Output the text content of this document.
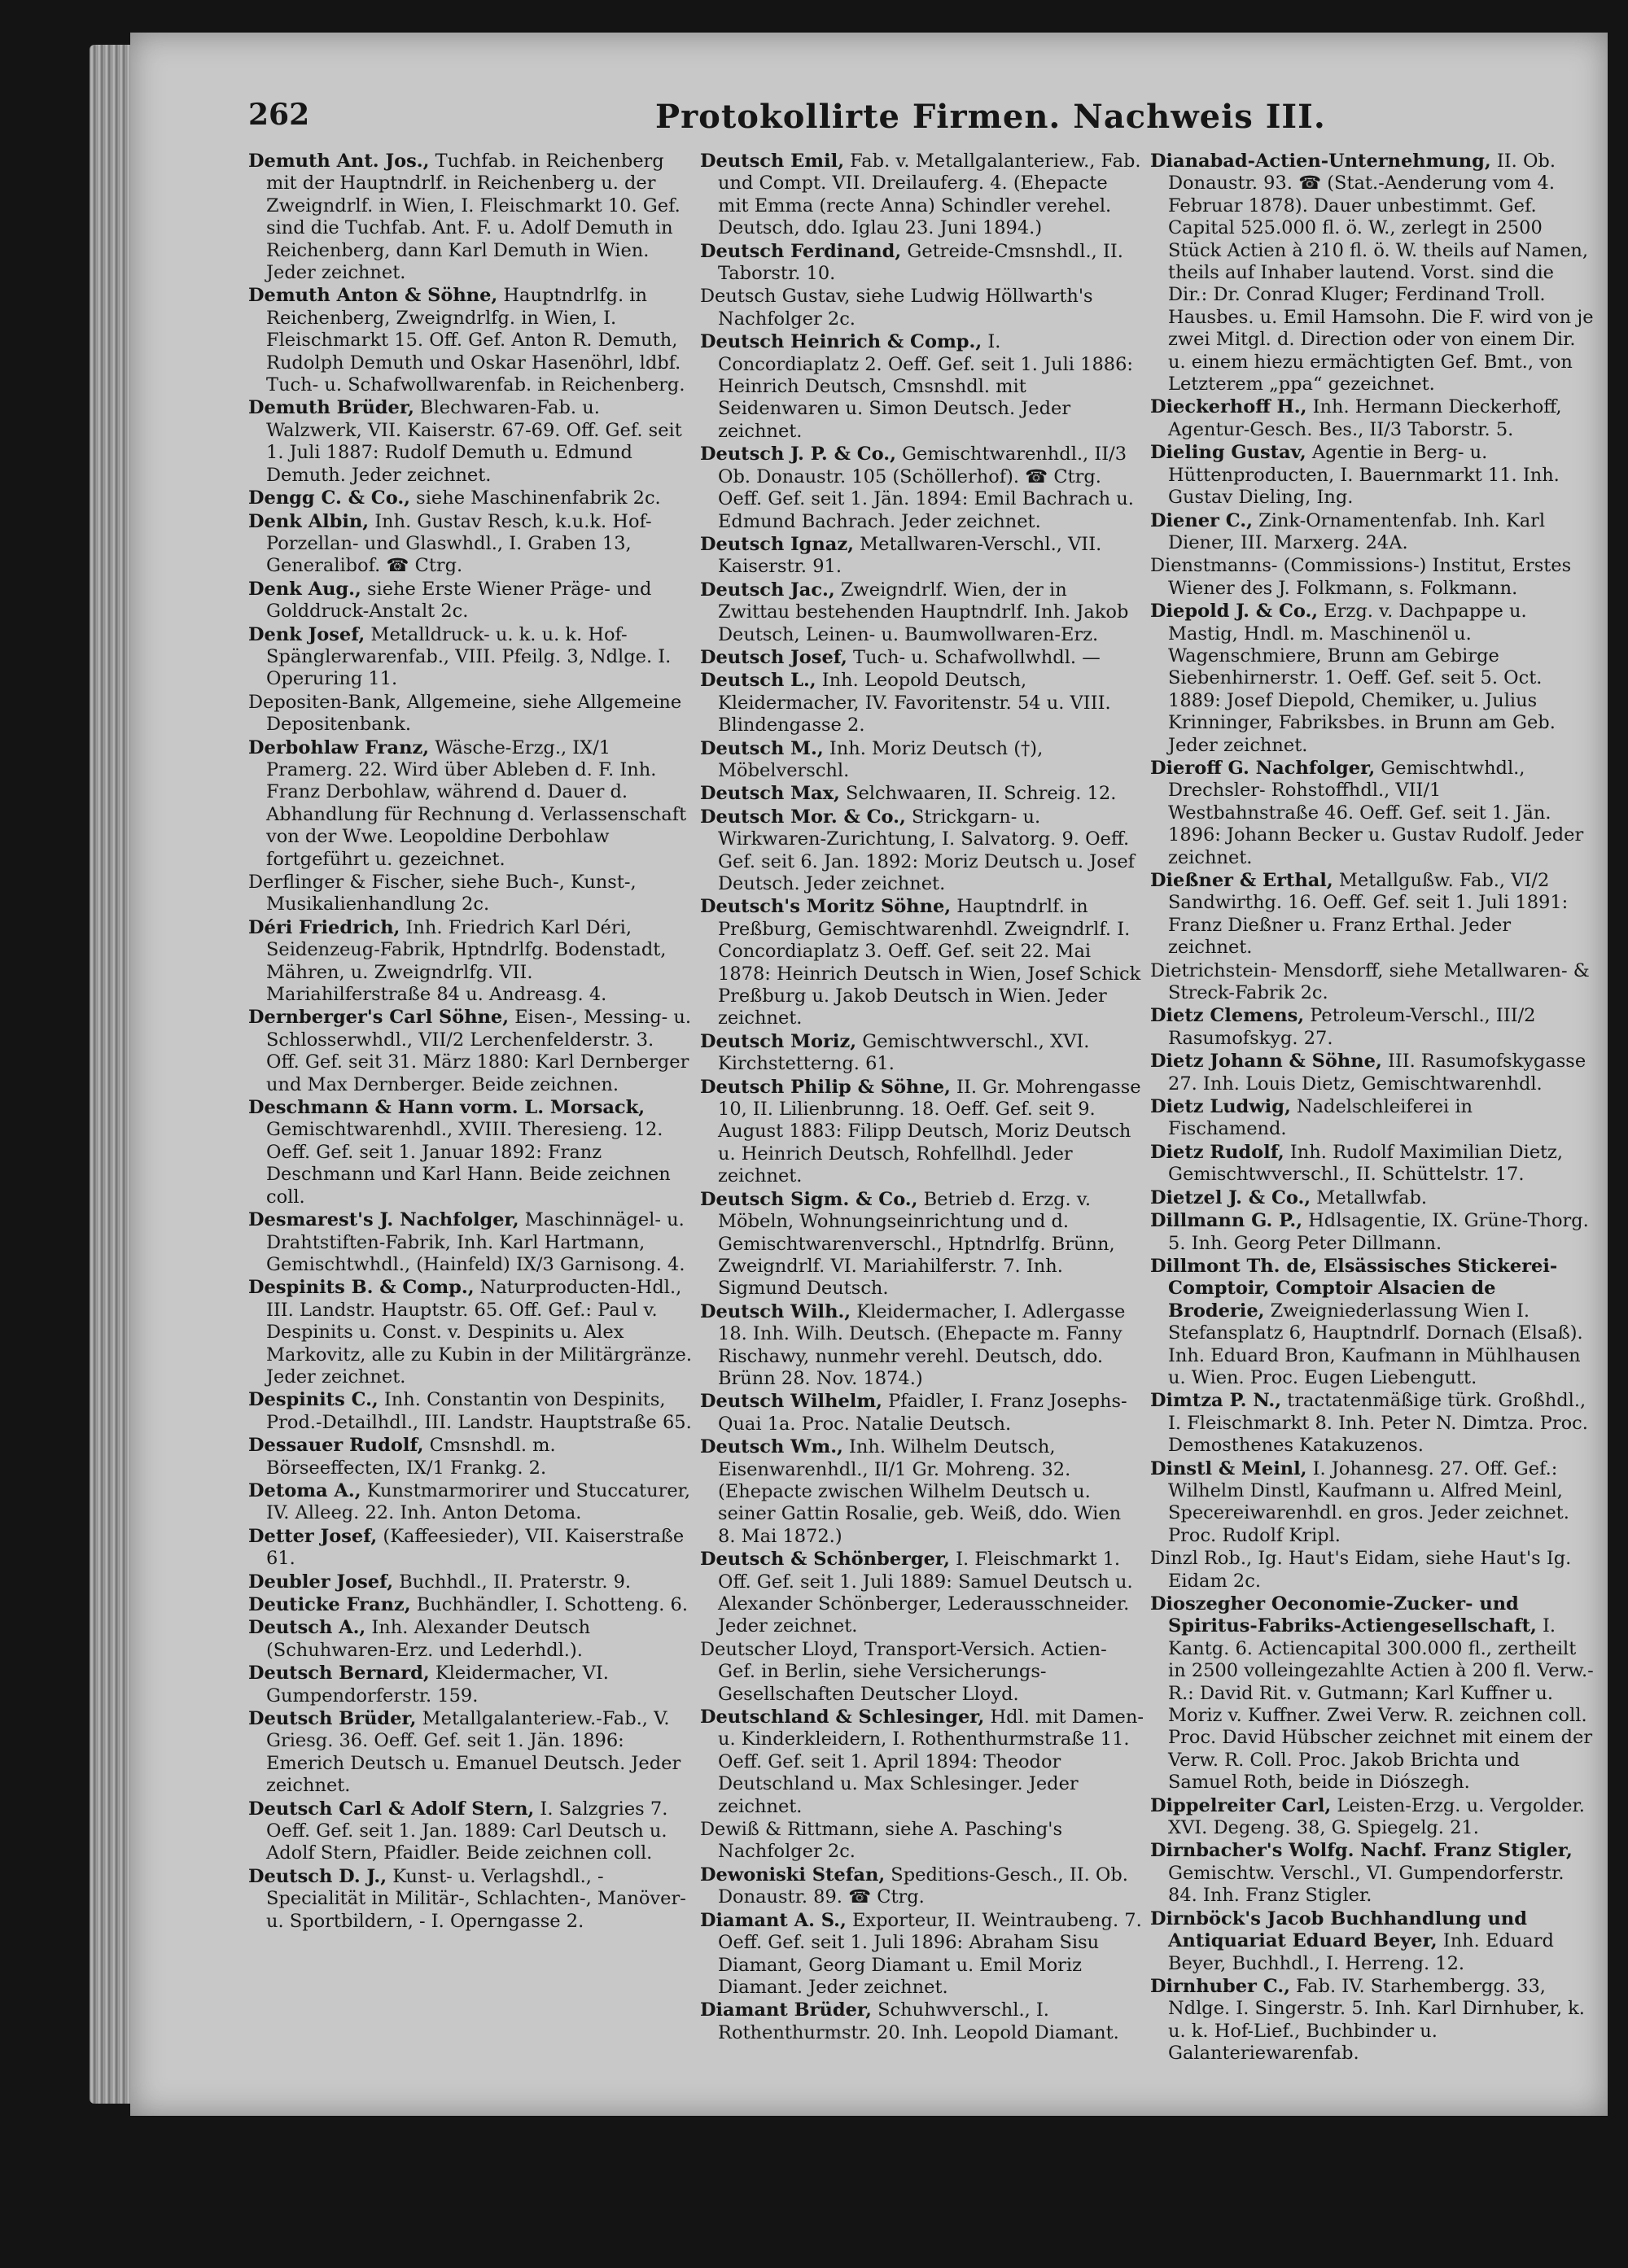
262	Protokollirte Firmen. Nachweis III.

Demuth Ant. Jos., Tuchfab. in Reichenberg mit der Hauptndrlf. in Reichenberg u. der Zweigndrlf. in Wien, I. Fleischmarkt 10. Gef. sind die Tuchfab. Ant. F. u. Adolf Demuth in Reichenberg, dann Karl Demuth in Wien. Jeder zeichnet.

Demuth Anton & Söhne, Hauptndrlfg. in Reichenberg, Zweigndrlfg. in Wien, I. Fleischmarkt 15. Off. Gef. Anton R. Demuth, Rudolph Demuth und Oskar Hasenöhrl, ldbf. Tuch- u. Schafwollwarenfab. in Reichenberg.

Demuth Brüder, Blechwaren-Fab. u. Walzwerk, VII. Kaiserstr. 67-69. Off. Gef. seit 1. Juli 1887: Rudolf Demuth u. Edmund Demuth. Jeder zeichnet.

Dengg C. & Co., siehe Maschinenfabrik 2c.

Denk Albin, Inh. Gustav Resch, k.u.k. Hof-Porzellan- und Glaswhdl., I. Graben 13, Generalibof. ☎ Ctrg.

Denk Aug., siehe Erste Wiener Präge- und Golddruck-Anstalt 2c.

Denk Josef, Metalldruck- u. k. u. k. Hof-Spänglerwarenfab., VIII. Pfeilg. 3, Ndlge. I. Operuring 11.

Depositen-Bank, Allgemeine, siehe Allgemeine Depositenbank.

Derbohlaw Franz, Wäsche-Erzg., IX/1 Pramerg. 22. Wird über Ableben d. F. Inh. Franz Derbohlaw, während d. Dauer d. Abhandlung für Rechnung d. Verlassenschaft von der Wwe. Leopoldine Derbohlaw fortgeführt u. gezeichnet.

Derflinger & Fischer, siehe Buch-, Kunst-, Musikalienhandlung 2c.

Déri Friedrich, Inh. Friedrich Karl Déri, Seidenzeug-Fabrik, Hptndrlfg. Bodenstadt, Mähren, u. Zweigndrlfg. VII. Mariahilferstraße 84 u. Andreasg. 4.

Dernberger's Carl Söhne, Eisen-, Messing- u. Schlosserwhdl., VII/2 Lerchenfelderstr. 3. Off. Gef. seit 31. März 1880: Karl Dernberger und Max Dernberger. Beide zeichnen.

Deschmann & Hann vorm. L. Morsack, Gemischtwarenhdl., XVIII. Theresieng. 12. Oeff. Gef. seit 1. Januar 1892: Franz Deschmann und Karl Hann. Beide zeichnen coll.

Desmarest's J. Nachfolger, Maschinnägel- u. Drahtstiften-Fabrik, Inh. Karl Hartmann, Gemischtwhdl., (Hainfeld) IX/3 Garnisong. 4.

Despinits B. & Comp., Naturproducten-Hdl., III. Landstr. Hauptstr. 65. Off. Gef.: Paul v. Despinits u. Const. v. Despinits u. Alex Markovitz, alle zu Kubin in der Militärgränze. Jeder zeichnet.

Despinits C., Inh. Constantin von Despinits, Prod.-Detailhdl., III. Landstr. Hauptstraße 65.

Dessauer Rudolf, Cmsnshdl. m. Börseeffecten, IX/1 Frankg. 2.

Detoma A., Kunstmarmorirer und Stuccaturer, IV. Alleeg. 22. Inh. Anton Detoma.

Detter Josef, (Kaffeesieder), VII. Kaiserstraße 61.

Deubler Josef, Buchhdl., II. Praterstr. 9.

Deuticke Franz, Buchhändler, I. Schotteng. 6.

Deutsch A., Inh. Alexander Deutsch (Schuhwaren-Erz. und Lederhdl.).

Deutsch Bernard, Kleidermacher, VI. Gumpendorferstr. 159.

Deutsch Brüder, Metallgalanteriew.-Fab., V. Griesg. 36. Oeff. Gef. seit 1. Jän. 1896: Emerich Deutsch u. Emanuel Deutsch. Jeder zeichnet.

Deutsch Carl & Adolf Stern, I. Salzgries 7. Oeff. Gef. seit 1. Jan. 1889: Carl Deutsch u. Adolf Stern, Pfaidler. Beide zeichnen coll.

Deutsch D. J., Kunst- u. Verlagshdl., -Specialität in Militär-, Schlachten-, Manöver- u. Sportbildern, - I. Operngasse 2.

Deutsch Emil, Fab. v. Metallgalanteriew., Fab. und Compt. VII. Dreilauferg. 4. (Ehepacte mit Emma (recte Anna) Schindler verehel. Deutsch, ddo. Iglau 23. Juni 1894.)

Deutsch Ferdinand, Getreide-Cmsnshdl., II. Taborstr. 10.

Deutsch Gustav, siehe Ludwig Höllwarth's Nachfolger 2c.

Deutsch Heinrich & Comp., I. Concordiaplatz 2. Oeff. Gef. seit 1. Juli 1886: Heinrich Deutsch, Cmsnshdl. mit Seidenwaren u. Simon Deutsch. Jeder zeichnet.

Deutsch J. P. & Co., Gemischtwarenhdl., II/3 Ob. Donaustr. 105 (Schöllerhof). ☎ Ctrg. Oeff. Gef. seit 1. Jän. 1894: Emil Bachrach u. Edmund Bachrach. Jeder zeichnet.

Deutsch Ignaz, Metallwaren-Verschl., VII. Kaiserstr. 91.

Deutsch Jac., Zweigndrlf. Wien, der in Zwittau bestehenden Hauptndrlf. Inh. Jakob Deutsch, Leinen- u. Baumwollwaren-Erz.

Deutsch Josef, Tuch- u. Schafwollwhdl. —

Deutsch L., Inh. Leopold Deutsch, Kleidermacher, IV. Favoritenstr. 54 u. VIII. Blindengasse 2.

Deutsch M., Inh. Moriz Deutsch (†), Möbelverschl.

Deutsch Max, Selchwaaren, II. Schreig. 12.

Deutsch Mor. & Co., Strickgarn- u. Wirkwaren-Zurichtung, I. Salvatorg. 9. Oeff. Gef. seit 6. Jan. 1892: Moriz Deutsch u. Josef Deutsch. Jeder zeichnet.

Deutsch's Moritz Söhne, Hauptndrlf. in Preßburg, Gemischtwarenhdl. Zweigndrlf. I. Concordiaplatz 3. Oeff. Gef. seit 22. Mai 1878: Heinrich Deutsch in Wien, Josef Schick Preßburg u. Jakob Deutsch in Wien. Jeder zeichnet.

Deutsch Moriz, Gemischtwverschl., XVI. Kirchstetterng. 61.

Deutsch Philip & Söhne, II. Gr. Mohrengasse 10, II. Lilienbrunng. 18. Oeff. Gef. seit 9. August 1883: Filipp Deutsch, Moriz Deutsch u. Heinrich Deutsch, Rohfellhdl. Jeder zeichnet.

Deutsch Sigm. & Co., Betrieb d. Erzg. v. Möbeln, Wohnungseinrichtung und d. Gemischtwarenverschl., Hptndrlfg. Brünn, Zweigndrlf. VI. Mariahilferstr. 7. Inh. Sigmund Deutsch.

Deutsch Wilh., Kleidermacher, I. Adlergasse 18. Inh. Wilh. Deutsch. (Ehepacte m. Fanny Rischawy, nunmehr verehl. Deutsch, ddo. Brünn 28. Nov. 1874.)

Deutsch Wilhelm, Pfaidler, I. Franz Josephs-Quai 1a. Proc. Natalie Deutsch.

Deutsch Wm., Inh. Wilhelm Deutsch, Eisenwarenhdl., II/1 Gr. Mohreng. 32. (Ehepacte zwischen Wilhelm Deutsch u. seiner Gattin Rosalie, geb. Weiß, ddo. Wien 8. Mai 1872.)

Deutsch & Schönberger, I. Fleischmarkt 1. Off. Gef. seit 1. Juli 1889: Samuel Deutsch u. Alexander Schönberger, Lederausschneider. Jeder zeichnet.

Deutscher Lloyd, Transport-Versich. Actien-Gef. in Berlin, siehe Versicherungs-Gesellschaften Deutscher Lloyd.

Deutschland & Schlesinger, Hdl. mit Damen- u. Kinderkleidern, I. Rothenthurmstraße 11. Oeff. Gef. seit 1. April 1894: Theodor Deutschland u. Max Schlesinger. Jeder zeichnet.

Dewiß & Rittmann, siehe A. Pasching's Nachfolger 2c.

Dewoniski Stefan, Speditions-Gesch., II. Ob. Donaustr. 89. ☎ Ctrg.

Diamant A. S., Exporteur, II. Weintraubeng. 7. Oeff. Gef. seit 1. Juli 1896: Abraham Sisu Diamant, Georg Diamant u. Emil Moriz Diamant. Jeder zeichnet.

Diamant Brüder, Schuhwverschl., I. Rothenthurmstr. 20. Inh. Leopold Diamant.

Dianabad-Actien-Unternehmung, II. Ob. Donaustr. 93. ☎ (Stat.-Aenderung vom 4. Februar 1878). Dauer unbestimmt. Gef. Capital 525.000 fl. ö. W., zerlegt in 2500 Stück Actien à 210 fl. ö. W. theils auf Namen, theils auf Inhaber lautend. Vorst. sind die Dir.: Dr. Conrad Kluger; Ferdinand Troll. Hausbes. u. Emil Hamsohn. Die F. wird von je zwei Mitgl. d. Direction oder von einem Dir. u. einem hiezu ermächtigten Gef. Bmt., von Letzterem „ppa“ gezeichnet.

Dieckerhoff H., Inh. Hermann Dieckerhoff, Agentur-Gesch. Bes., II/3 Taborstr. 5.

Dieling Gustav, Agentie in Berg- u. Hüttenproducten, I. Bauernmarkt 11. Inh. Gustav Dieling, Ing.

Diener C., Zink-Ornamentenfab. Inh. Karl Diener, III. Marxerg. 24A.

Dienstmanns- (Commissions-) Institut, Erstes Wiener des J. Folkmann, s. Folkmann.

Diepold J. & Co., Erzg. v. Dachpappe u. Mastig, Hndl. m. Maschinenöl u. Wagenschmiere, Brunn am Gebirge Siebenhirnerstr. 1. Oeff. Gef. seit 5. Oct. 1889: Josef Diepold, Chemiker, u. Julius Krinninger, Fabriksbes. in Brunn am Geb. Jeder zeichnet.

Dieroff G. Nachfolger, Gemischtwhdl., Drechsler- Rohstoffhdl., VII/1 Westbahnstraße 46. Oeff. Gef. seit 1. Jän. 1896: Johann Becker u. Gustav Rudolf. Jeder zeichnet.

Dießner & Erthal, Metallgußw. Fab., VI/2 Sandwirthg. 16. Oeff. Gef. seit 1. Juli 1891: Franz Dießner u. Franz Erthal. Jeder zeichnet.

Dietrichstein- Mensdorff, siehe Metallwaren- & Streck-Fabrik 2c.

Dietz Clemens, Petroleum-Verschl., III/2 Rasumofskyg. 27.

Dietz Johann & Söhne, III. Rasumofskygasse 27. Inh. Louis Dietz, Gemischtwarenhdl.

Dietz Ludwig, Nadelschleiferei in Fischamend.

Dietz Rudolf, Inh. Rudolf Maximilian Dietz, Gemischtwverschl., II. Schüttelstr. 17.

Dietzel J. & Co., Metallwfab.

Dillmann G. P., Hdlsagentie, IX. Grüne-Thorg. 5. Inh. Georg Peter Dillmann.

Dillmont Th. de, Elsässisches Stickerei-Comptoir, Comptoir Alsacien de Broderie, Zweigniederlassung Wien I. Stefansplatz 6, Hauptndrlf. Dornach (Elsaß). Inh. Eduard Bron, Kaufmann in Mühlhausen u. Wien. Proc. Eugen Liebengutt.

Dimtza P. N., tractatenmäßige türk. Großhdl., I. Fleischmarkt 8. Inh. Peter N. Dimtza. Proc. Demosthenes Katakuzenos.

Dinstl & Meinl, I. Johannesg. 27. Off. Gef.: Wilhelm Dinstl, Kaufmann u. Alfred Meinl, Specereiwarenhdl. en gros. Jeder zeichnet. Proc. Rudolf Kripl.

Dinzl Rob., Ig. Haut's Eidam, siehe Haut's Ig. Eidam 2c.

Dioszegher Oeconomie-Zucker- und Spiritus-Fabriks-Actiengesellschaft, I. Kantg. 6. Actiencapital 300.000 fl., zertheilt in 2500 volleingezahlte Actien à 200 fl. Verw.-R.: David Rit. v. Gutmann; Karl Kuffner u. Moriz v. Kuffner. Zwei Verw. R. zeichnen coll. Proc. David Hübscher zeichnet mit einem der Verw. R. Coll. Proc. Jakob Brichta und Samuel Roth, beide in Diószegh.

Dippelreiter Carl, Leisten-Erzg. u. Vergolder. XVI. Degeng. 38, G. Spiegelg. 21.

Dirnbacher's Wolfg. Nachf. Franz Stigler, Gemischtw. Verschl., VI. Gumpendorferstr. 84. Inh. Franz Stigler.

Dirnböck's Jacob Buchhandlung und Antiquariat Eduard Beyer, Inh. Eduard Beyer, Buchhdl., I. Herreng. 12.

Dirnhuber C., Fab. IV. Starhembergg. 33, Ndlge. I. Singerstr. 5. Inh. Karl Dirnhuber, k. u. k. Hof-Lief., Buchbinder u. Galanteriewarenfab.
